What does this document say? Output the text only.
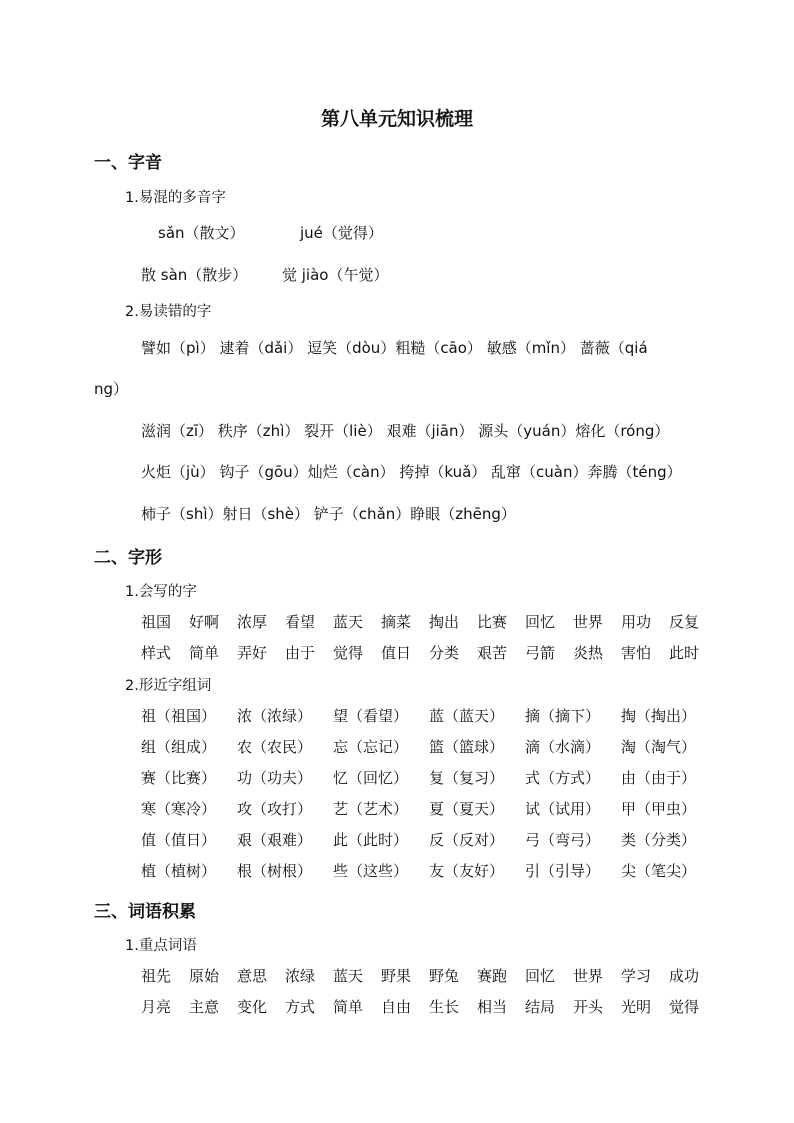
第八单元知识梳理
一、字音
1.易混的多音字
sǎn（散文）	jué（觉得）
散 sàn（散步） 觉 jiào（午觉）
2.易读错的字
譬如（pì） 逮着（dǎi） 逗笑（dòu）粗糙（cāo） 敏感（mǐn） 蔷薇（qiá
ng）
滋润（zī） 秩序（zhì） 裂开（liè） 艰难（jiān） 源头（yuán）熔化（róng）
火炬（jù） 钩子（gōu）灿烂（càn） 挎掉（kuǎ） 乱窜（cuàn）奔腾（téng）
柿子（shì）射日（shè） 铲子（chǎn）睁眼（zhēng）
二、字形
1.会写的字
祖国	好啊	浓厚	看望	蓝天	摘菜	掏出	比赛	回忆	世界	用功	反复
样式	简单	弄好	由于	觉得	值日	分类	艰苦	弓箭	炎热	害怕	此时
2.形近字组词
祖（祖国）	浓（浓绿）	望（看望）	蓝（蓝天）	摘（摘下）	掏（掏出）
组（组成）	农（农民）	忘（忘记）	篮（篮球）	滴（水滴）	淘（淘气）
赛（比赛）	功（功夫）	忆（回忆）	复（复习）	式（方式）	由（由于）
寒（寒冷）	攻（攻打）	艺（艺术）	夏（夏天）	试（试用）	甲（甲虫）
值（值日）	艰（艰难）	此（此时）	反（反对）	弓（弯弓）	类（分类）
植（植树）	根（树根）	些（这些）	友（友好）	引（引导）	尖（笔尖）
三、词语积累
1.重点词语
祖先	原始	意思	浓绿	蓝天	野果	野兔	赛跑	回忆	世界	学习	成功
月亮	主意	变化	方式	简单	自由	生长	相当	结局	开头	光明	觉得
